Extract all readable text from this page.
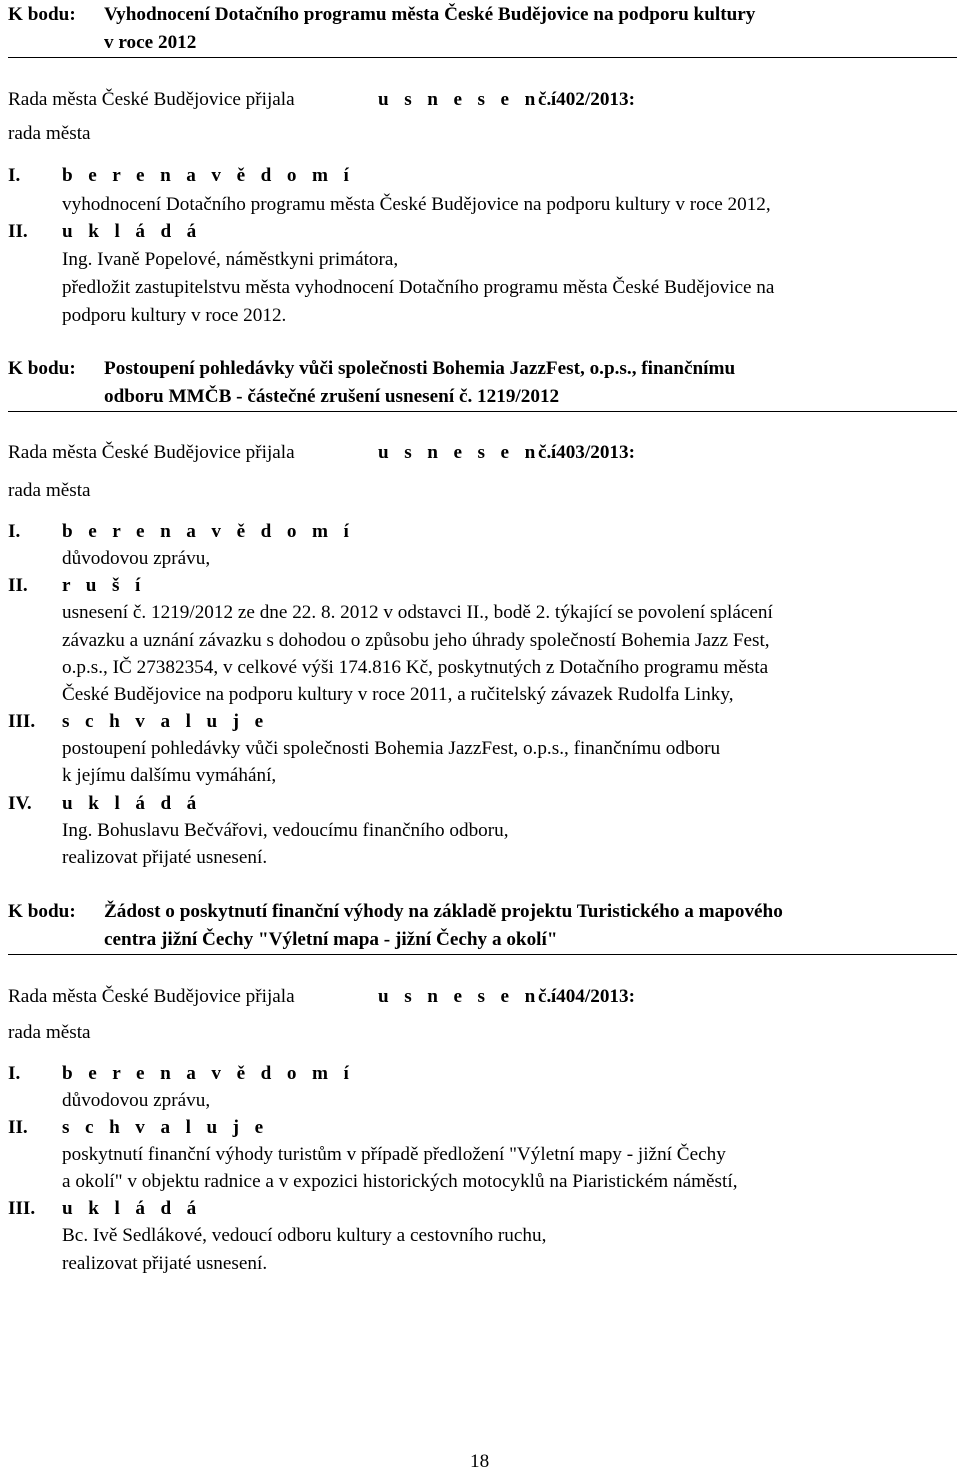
K bodu: Vyhodnocení Dotačního programu města České Budějovice na podporu kultury
v roce 2012
Rada města České Budějovice přijala	u s n e s e n í
č. 402/2013:
rada města
I. b e r e n a v ě d o m í
vyhodnocení Dotačního programu města České Budějovice na podporu kultury v roce 2012,
II. u k l á d á
Ing. Ivaně Popelové, náměstkyni primátora,
předložit zastupitelstvu města vyhodnocení Dotačního programu města České Budějovice na
podporu kultury v roce 2012.
K bodu: Postoupení pohledávky vůči společnosti Bohemia JazzFest, o.p.s., finančnímu
odboru MMČB - částečné zrušení usnesení č. 1219/2012
Rada města České Budějovice přijala	u s n e s e n í
č. 403/2013:
rada města
I. b e r e n a v ě d o m í
důvodovou zprávu,
II. r u š í
usnesení č. 1219/2012 ze dne 22. 8. 2012 v odstavci II., bodě 2. týkající se povolení splácení
závazku a uznání závazku s dohodou o způsobu jeho úhrady společností Bohemia Jazz Fest,
o.p.s., IČ 27382354, v celkové výši 174.816 Kč, poskytnutých z Dotačního programu města
České Budějovice na podporu kultury v roce 2011, a ručitelský závazek Rudolfa Linky,
III. s c h v a l u j e
postoupení pohledávky vůči společnosti Bohemia JazzFest, o.p.s., finančnímu odboru
k jejímu dalšímu vymáhání,
IV. u k l á d á
Ing. Bohuslavu Bečvářovi, vedoucímu finančního odboru,
realizovat přijaté usnesení.
K bodu: Žádost o poskytnutí finanční výhody na základě projektu Turistického a mapového
centra jižní Čechy "Výletní mapa - jižní Čechy a okolí"
Rada města České Budějovice přijala	u s n e s e n í
č. 404/2013:
rada města
I. b e r e n a v ě d o m í
důvodovou zprávu,
II. s c h v a l u j e
poskytnutí finanční výhody turistům v případě předložení "Výletní mapy - jižní Čechy
a okolí" v objektu radnice a v expozici historických motocyklů na Piaristickém náměstí,
III. u k l á d á
Bc. Ivě Sedlákové, vedoucí odboru kultury a cestovního ruchu,
realizovat přijaté usnesení.
18
